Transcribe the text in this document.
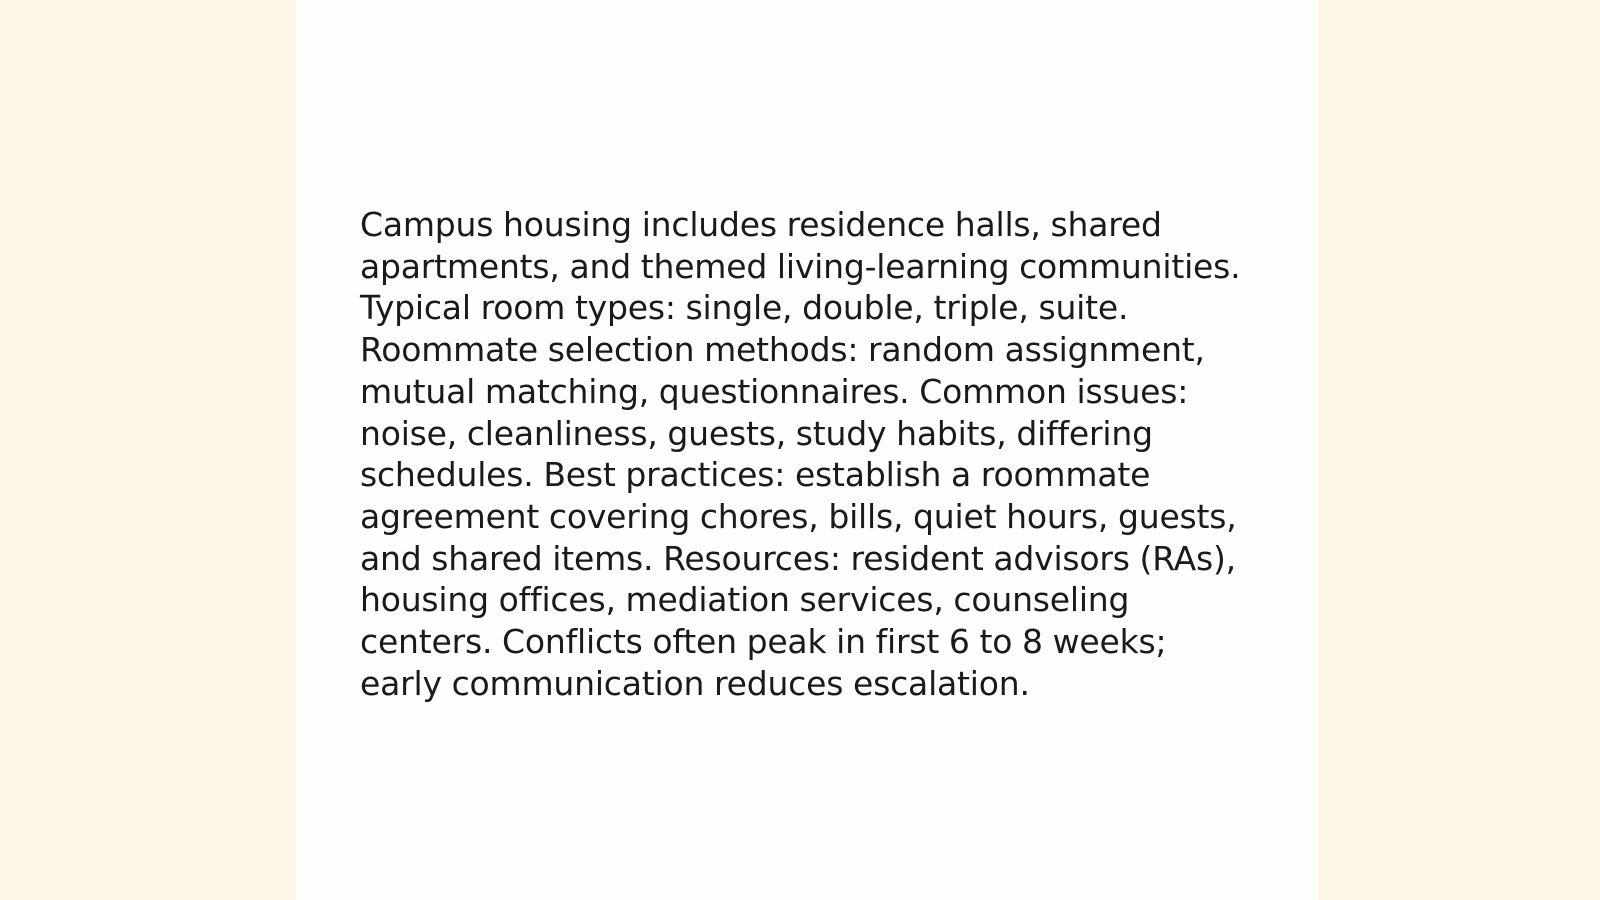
Campus housing includes residence halls, shared
apartments, and themed living-learning communities.
Typical room types: single, double, triple, suite.
Roommate selection methods: random assignment,
mutual matching, questionnaires. Common issues:
noise, cleanliness, guests, study habits, differing
schedules. Best practices: establish a roommate
agreement covering chores, bills, quiet hours, guests,
and shared items. Resources: resident advisors (RAs),
housing offices, mediation services, counseling
centers. Conflicts often peak in first 6 to 8 weeks;
early communication reduces escalation.
